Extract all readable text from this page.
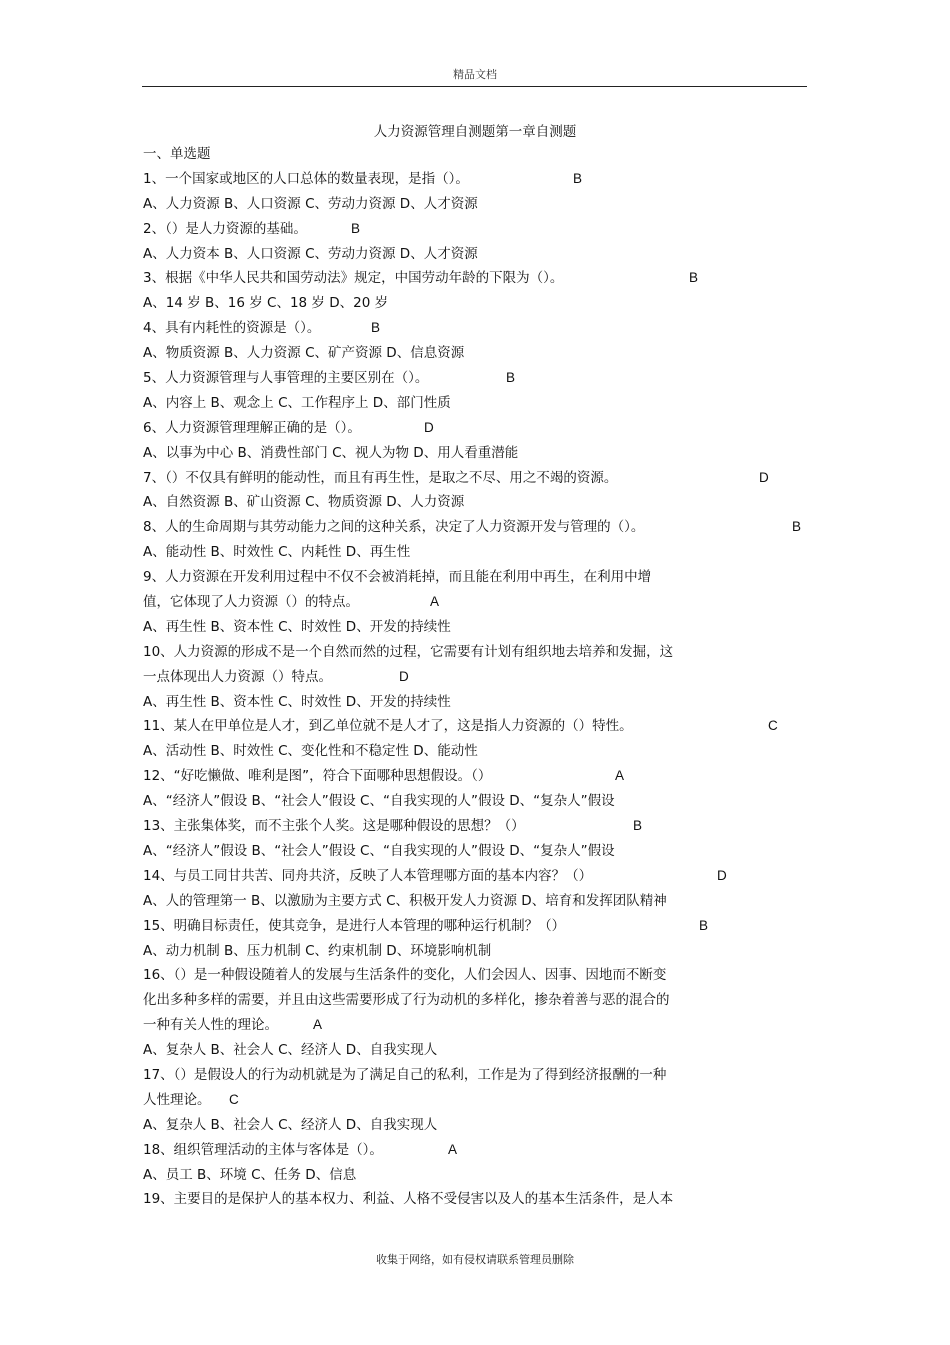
精品文档
人力资源管理自测题第一章自测题
一、单选题
1、一个国家或地区的人口总体的数量表现，是指（）。	B
A、人力资源 B、人口资源 C、劳动力资源 D、人才资源
2、（）是人力资源的基础。	B
A、人力资本 B、人口资源 C、劳动力资源 D、人才资源
3、根据《中华人民共和国劳动法》规定，中国劳动年龄的下限为（）。	B
A、14 岁 B、16 岁 C、18 岁 D、20 岁
4、具有内耗性的资源是（）。	B
A、物质资源 B、人力资源 C、矿产资源 D、信息资源
5、人力资源管理与人事管理的主要区别在（）。	B
A、内容上 B、观念上 C、工作程序上 D、部门性质
6、人力资源管理理解正确的是（）。	D
A、以事为中心 B、消费性部门 C、视人为物 D、用人看重潜能
7、（）不仅具有鲜明的能动性，而且有再生性，是取之不尽、用之不竭的资源。	D
A、自然资源 B、矿山资源 C、物质资源 D、人力资源
8、人的生命周期与其劳动能力之间的这种关系，决定了人力资源开发与管理的（）。	B
A、能动性 B、时效性 C、内耗性 D、再生性
9、人力资源在开发利用过程中不仅不会被消耗掉，而且能在利用中再生，在利用中增
值，它体现了人力资源（）的特点。	A
A、再生性 B、资本性 C、时效性 D、开发的持续性
10、人力资源的形成不是一个自然而然的过程，它需要有计划有组织地去培养和发掘，这
一点体现出人力资源（）特点。	D
A、再生性 B、资本性 C、时效性 D、开发的持续性
11、某人在甲单位是人才，到乙单位就不是人才了，这是指人力资源的（）特性。	C
A、活动性 B、时效性 C、变化性和不稳定性 D、能动性
12、“好吃懒做、唯利是图”，符合下面哪种思想假设。（）	A
A、“经济人”假设 B、“社会人”假设 C、“自我实现的人”假设 D、“复杂人”假设
13、主张集体奖，而不主张个人奖。这是哪种假设的思想？（）	B
A、“经济人”假设 B、“社会人”假设 C、“自我实现的人”假设 D、“复杂人”假设
14、与员工同甘共苦、同舟共济，反映了人本管理哪方面的基本内容？（）	D
A、人的管理第一 B、以激励为主要方式 C、积极开发人力资源 D、培育和发挥团队精神
15、明确目标责任，使其竞争，是进行人本管理的哪种运行机制？（）	B
A、动力机制 B、压力机制 C、约束机制 D、环境影响机制
16、（）是一种假设随着人的发展与生活条件的变化，人们会因人、因事、因地而不断变
化出多种多样的需要，并且由这些需要形成了行为动机的多样化，掺杂着善与恶的混合的
一种有关人性的理论。	A
A、复杂人 B、社会人 C、经济人 D、自我实现人
17、（）是假设人的行为动机就是为了满足自己的私利，工作是为了得到经济报酬的一种
人性理论。 C
A、复杂人 B、社会人 C、经济人 D、自我实现人
18、组织管理活动的主体与客体是（）。	A
A、员工 B、环境 C、任务 D、信息
19、主要目的是保护人的基本权力、利益、人格不受侵害以及人的基本生活条件，是人本
收集于网络，如有侵权请联系管理员删除
